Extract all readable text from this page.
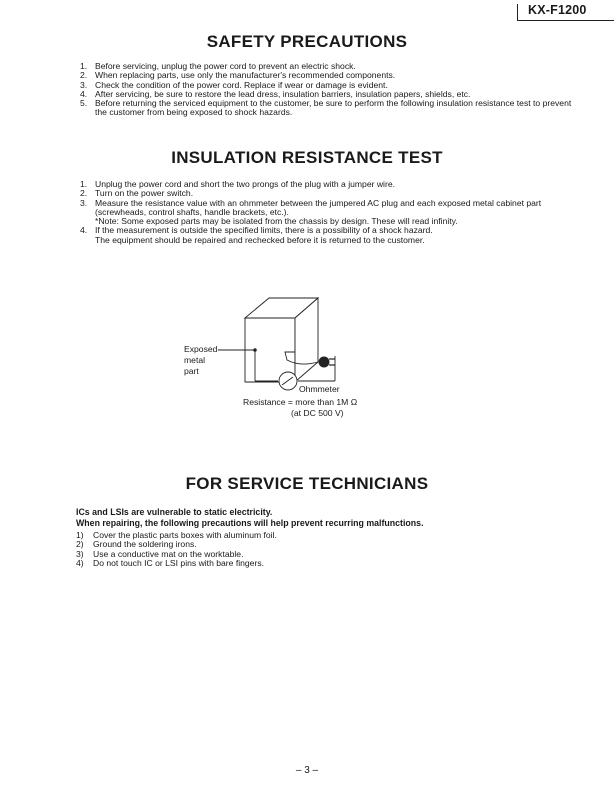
KX-F1200
SAFETY PRECAUTIONS
1. Before servicing, unplug the power cord to prevent an electric shock.
2. When replacing parts, use only the manufacturer's recommended components.
3. Check the condition of the power cord. Replace if wear or damage is evident.
4. After servicing, be sure to restore the lead dress, insulation barriers, insulation papers, shields, etc.
5. Before returning the serviced equipment to the customer, be sure to perform the following insulation resistance test to prevent the customer from being exposed to shock hazards.
INSULATION RESISTANCE TEST
1. Unplug the power cord and short the two prongs of the plug with a jumper wire.
2. Turn on the power switch.
3. Measure the resistance value with an ohmmeter between the jumpered AC plug and each exposed metal cabinet part (screwheads, control shafts, handle brackets, etc.).
*Note: Some exposed parts may be isolated from the chassis by design. These will read infinity.
4. If the measurement is outside the specified limits, there is a possibility of a shock hazard.
The equipment should be repaired and rechecked before it is returned to the customer.
Exposed
metal
part
Ohmmeter
Resistance = more than 1M Ω
(at DC 500 V)
FOR SERVICE TECHNICIANS
ICs and LSIs are vulnerable to static electricity.
When repairing, the following precautions will help prevent recurring malfunctions.
1) Cover the plastic parts boxes with aluminum foil.
2) Ground the soldering irons.
3) Use a conductive mat on the worktable.
4) Do not touch IC or LSI pins with bare fingers.
– 3 –
